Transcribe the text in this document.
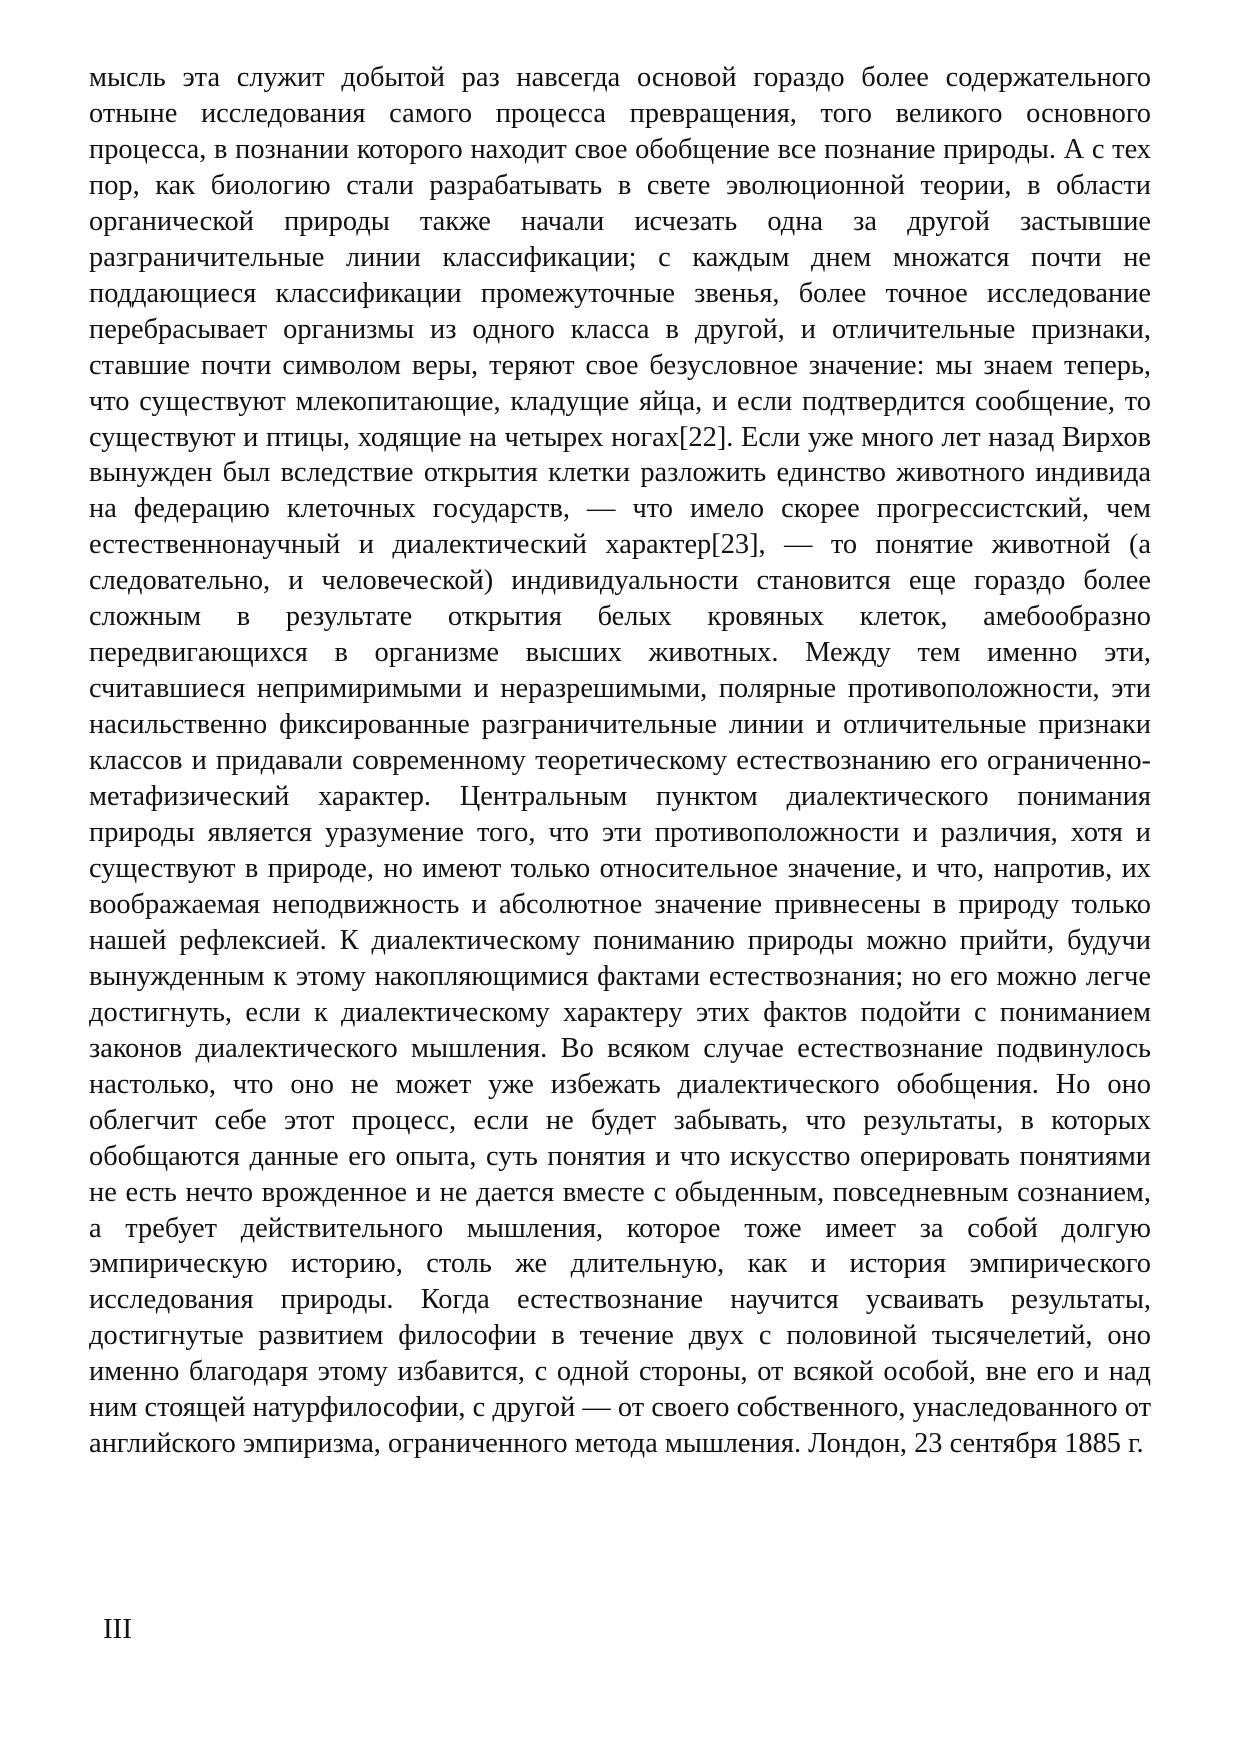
мысль эта служит добытой раз навсегда основой гораздо более содержательного отныне исследования самого процесса превращения, того великого основного процесса, в познании которого находит свое обобщение все познание природы. А с тех пор, как биологию стали разрабатывать в свете эволюционной теории, в области органической природы также начали исчезать одна за другой застывшие разграничительные линии классификации; с каждым днем множатся почти не поддающиеся классификации промежуточные звенья, более точное исследование перебрасывает организмы из одного класса в другой, и отличительные признаки, ставшие почти символом веры, теряют свое безусловное значение: мы знаем теперь, что существуют млекопитающие, кладущие яйца, и если подтвердится сообщение, то существуют и птицы, ходящие на четырех ногах[22]. Если уже много лет назад Вирхов вынужден был вследствие открытия клетки разложить единство животного индивида на федерацию клеточных государств, — что имело скорее прогрессистский, чем естественнонаучный и диалектический характер[23], — то понятие животной (а следовательно, и человеческой) индивидуальности становится еще гораздо более сложным в результате открытия белых кровяных клеток, амебообразно передвигающихся в организме высших животных. Между тем именно эти, считавшиеся непримиримыми и неразрешимыми, полярные противоположности, эти насильственно фиксированные разграничительные линии и отличительные признаки классов и придавали современному теоретическому естествознанию его ограниченно-метафизический характер. Центральным пунктом диалектического понимания природы является уразумение того, что эти противоположности и различия, хотя и существуют в природе, но имеют только относительное значение, и что, напротив, их воображаемая неподвижность и абсолютное значение привнесены в природу только нашей рефлексией. К диалектическому пониманию природы можно прийти, будучи вынужденным к этому накопляющимися фактами естествознания; но его можно легче достигнуть, если к диалектическому характеру этих фактов подойти с пониманием законов диалектического мышления. Во всяком случае естествознание подвинулось настолько, что оно не может уже избежать диалектического обобщения. Но оно облегчит себе этот процесс, если не будет забывать, что результаты, в которых обобщаются данные его опыта, суть понятия и что искусство оперировать понятиями не есть нечто врожденное и не дается вместе с обыденным, повседневным сознанием, а требует действительного мышления, которое тоже имеет за собой долгую эмпирическую историю, столь же длительную, как и история эмпирического исследования природы. Когда естествознание научится усваивать результаты, достигнутые развитием философии в течение двух с половиной тысячелетий, оно именно благодаря этому избавится, с одной стороны, от всякой особой, вне его и над ним стоящей натурфилософии, с другой — от своего собственного, унаследованного от английского эмпиризма, ограниченного метода мышления. Лондон, 23 сентября 1885 г.

III
